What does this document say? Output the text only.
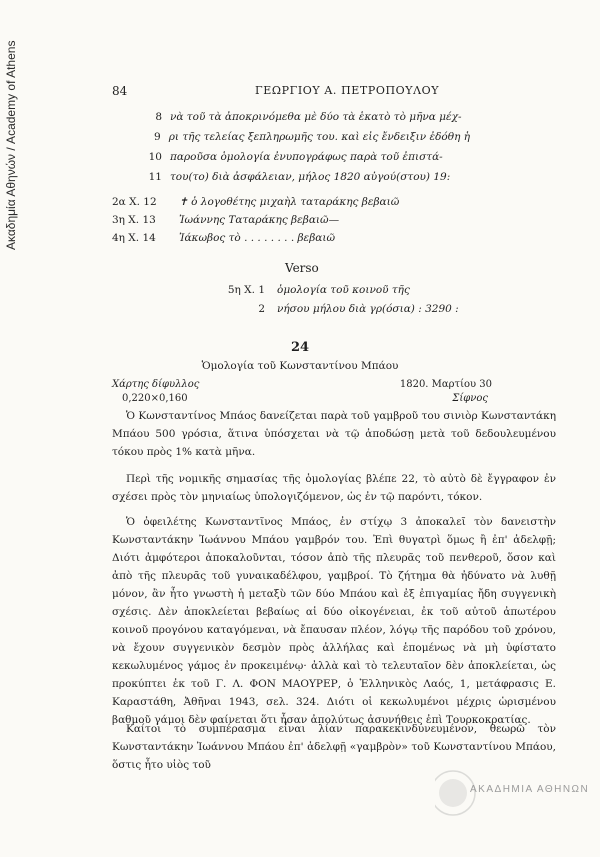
Ακαδημία Αθηνών / Academy of Athens	84	ΓΕΩΡΓΙΟΥ Α. ΠΕΤΡΟΠΟΥΛΟΥ
8 νὰ τοῦ τὰ ἀποκρινόμεθα μὲ δύο τὰ ἑκατὸ τὸ μῆνα μέχ-
9 ρι τῆς τελείας ξεπληρωμῆς του. καὶ εἰς ἔνδειξιν ἐδόθη ἡ
10 παροῦσα ὁμολογία ἐνυπογράφως παρὰ τοῦ ἐπιστά-
11 του(το) διὰ ἀσφάλειαν, μήλος 1820 αὐγού(στου) 19:
2α Χ. 12	✝ ὁ λογοθέτης μιχαὴλ ταταράκης βεβαιῶ
3η Χ. 13	Ἰωάννης Ταταράκης βεβαιῶ—
4η Χ. 14	Ἰάκωβος τὸ . . . . . . . . βεβαιῶ
Verso
5η Χ. 1 ὁμολογία τοῦ κοινοῦ τῆς
2 νήσου μήλου διὰ γρ(όσια) : 3290 :
24
Ὁμολογία τοῦ Κωνσταντίνου Μπάου
Χάρτης δίφυλλος
0,220×0,160
1820. Μαρτίου 30
Σίφνος

Ὁ Κωνσταντίνος Μπάος δανείζεται παρὰ τοῦ γαμβροῦ του σινιὸρ Κωνσταντάκη Μπάου 500 γρόσια, ἅτινα ὑπόσχεται νὰ τῷ ἀποδώσῃ μετὰ τοῦ δεδουλευμένου τόκου πρὸς 1% κατὰ μῆνα.

Περὶ τῆς νομικῆς σημασίας τῆς ὁμολογίας βλέπε 22, τὸ αὐτὸ δὲ ἔγγραφον ἐν σχέσει πρὸς τὸν μηνιαίως ὑπολογιζόμενον, ὡς ἐν τῷ παρόντι, τόκον.

Ὁ ὀφειλέτης Κωνσταντῖνος Μπάος, ἐν στίχῳ 3 ἀποκαλεῖ τὸν δανειστὴν Κωνσταντάκην Ἰωάννου Μπάου γαμβρόν του. Ἐπὶ θυγατρὶ ὅμως ἢ ἐπ' ἀδελφῇ; Διότι ἀμφότεροι ἀποκαλοῦνται, τόσον ἀπὸ τῆς πλευρᾶς τοῦ πενθεροῦ, ὅσον καὶ ἀπὸ τῆς πλευρᾶς τοῦ γυναικαδέλφου, γαμβροί. Τὸ ζήτημα θὰ ἠδύνατο νὰ λυθῇ μόνον, ἂν ἦτο γνωστὴ ἡ μεταξὺ τῶν δύο Μπάου καὶ ἐξ ἐπιγαμίας ἤδη συγγενικὴ σχέσις. Δὲν ἀποκλείεται βεβαίως αἱ δύο οἰκογένειαι, ἐκ τοῦ αὐτοῦ ἀπωτέρου κοινοῦ προγόνου καταγόμεναι, νὰ ἔπαυσαν πλέον, λόγῳ τῆς παρόδου τοῦ χρόνου, νὰ ἔχουν συγγενικὸν δεσμὸν πρὸς ἀλλήλας καὶ ἑπομένως νὰ μὴ ὑφίστατο κεκωλυμένος γάμος ἐν προκειμένῳ· ἀλλὰ καὶ τὸ τελευταῖον δὲν ἀποκλείεται, ὡς προκύπτει ἐκ τοῦ Γ. Λ. ΦΟΝ ΜΑΟΥΡΕΡ, ὁ Ἑλληνικὸς Λαός, 1, μετάφρασις Ε. Καραστάθη, Ἀθῆναι 1943, σελ. 324. Διότι οἱ κεκωλυμένοι μέχρις ὡρισμένου βαθμοῦ γάμοι δὲν φαίνεται ὅτι ἦσαν ἀπολύτως ἀσυνήθεις ἐπὶ Τουρκοκρατίας.

Καίτοι τὸ συμπέρασμα εἶναι λίαν παρακεκινδυνευμένον, θεωρῶ τὸν Κωνσταντάκην Ἰωάννου Μπάου ἐπ' ἀδελφῇ «γαμβρὸν» τοῦ Κωνσταντίνου Μπάου, ὅστις ἦτο υἱὸς τοῦ

ΑΚΑΔΗΜΙΑ ΑΘΗΝΩΝ
